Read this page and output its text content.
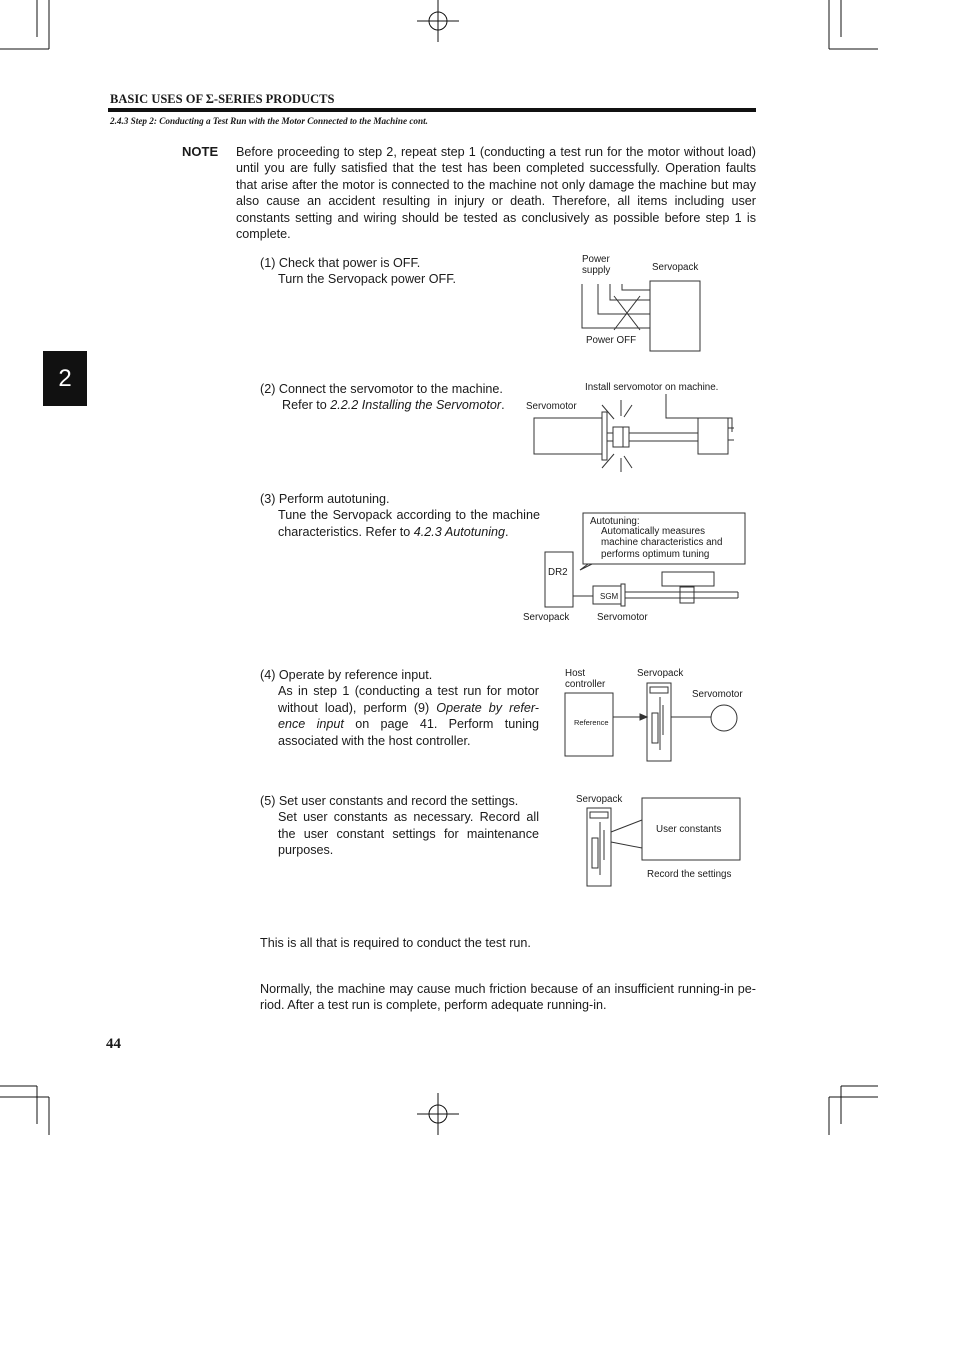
BASIC USES OF Σ-SERIES PRODUCTS
2.4.3 Step 2: Conducting a Test Run with the Motor Connected to the Machine cont.
NOTE Before proceeding to step 2, repeat step 1 (conducting a test run for the motor without load) until you are fully satisfied that the test has been completed successfully. Operation faults that arise after the motor is connected to the machine not only damage the machine but may also cause an accident resulting in injury or death. Therefore, all items including user constants setting and wiring should be tested as conclusively as possible before step 1 is complete.
2
(1) Check that power is OFF.
Turn the Servopack power OFF.
Power
supply	Servopack
Power OFF
(2) Connect the servomotor to the machine.
Refer to 2.2.2 Installing the Servomotor.
Install servomotor on machine.
Servomotor
(3) Perform autotuning.
Tune the Servopack according to the machine characteristics. Refer to 4.2.3 Autotuning.
Autotuning:
Automatically measures
machine characteristics and
performs optimum tuning
DR2
SGM
Servopack	Servomotor
(4) Operate by reference input.
As in step 1 (conducting a test run for motor without load), perform (9) Operate by refer-ence input on page 41. Perform tuning associated with the host controller.
Host
controller
Servopack
Servomotor
Reference
(5) Set user constants and record the settings.
Set user constants as necessary. Record all the user constant settings for maintenance purposes.
Servopack
User constants
Record the settings
This is all that is required to conduct the test run.
Normally, the machine may cause much friction because of an insufficient running-in pe-riod. After a test run is complete, perform adequate running-in.
44
